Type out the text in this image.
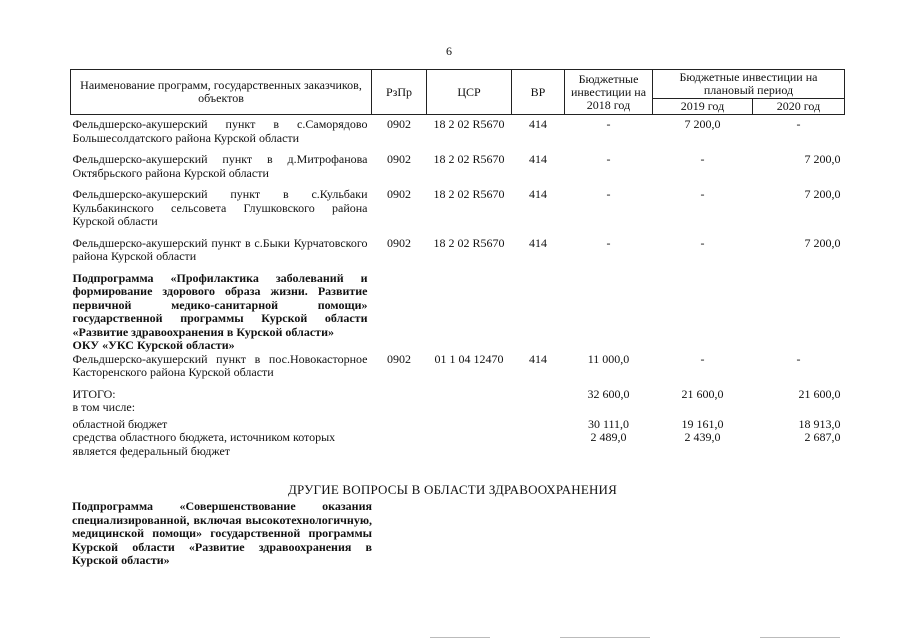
6
Наименование программ, государственных заказчиков, объектов	РзПр	ЦСР	ВР	Бюджетные инвестиции на 2018 год	Бюджетные инвестиции на плановый период	
					2019 год	2020 год
Фельдшерско-акушерский пункт в с.Саморядово Большесолдатского района Курской области	0902	18 2 02 R5670	414	-	7 200,0	-
Фельдшерско-акушерский пункт в д.Митрофанова Октябрьского района Курской области	0902	18 2 02 R5670	414	-	-	7 200,0
Фельдшерско-акушерский пункт в с.Кульбаки Кульбакинского сельсовета Глушковского района Курской области	0902	18 2 02 R5670	414	-	-	7 200,0
Фельдшерско-акушерский пункт в с.Быки Курчатовского района Курской области	0902	18 2 02 R5670	414	-	-	7 200,0
Подпрограмма «Профилактика заболеваний и формирование здорового образа жизни. Развитие первичной медико-санитарной помощи» государственной программы Курской области «Развитие здравоохранения в Курской области»						
ОКУ «УКС Курской области»						
Фельдшерско-акушерский пункт в пос.Новокасторное Касторенского района Курской области	0902	01 1 04 12470	414	11 000,0	-	-
ИТОГО:				32 600,0	21 600,0	21 600,0
в том числе:						
областной бюджет				30 111,0	19 161,0	18 913,0
средства областного бюджета, источником которых является федеральный бюджет				2 489,0	2 439,0	2 687,0
ДРУГИЕ ВОПРОСЫ В ОБЛАСТИ ЗДРАВООХРАНЕНИЯ
Подпрограмма «Совершенствование оказания специализированной, включая высокотехнологичную, медицинской помощи» государственной программы Курской области «Развитие здравоохранения в Курской области»
